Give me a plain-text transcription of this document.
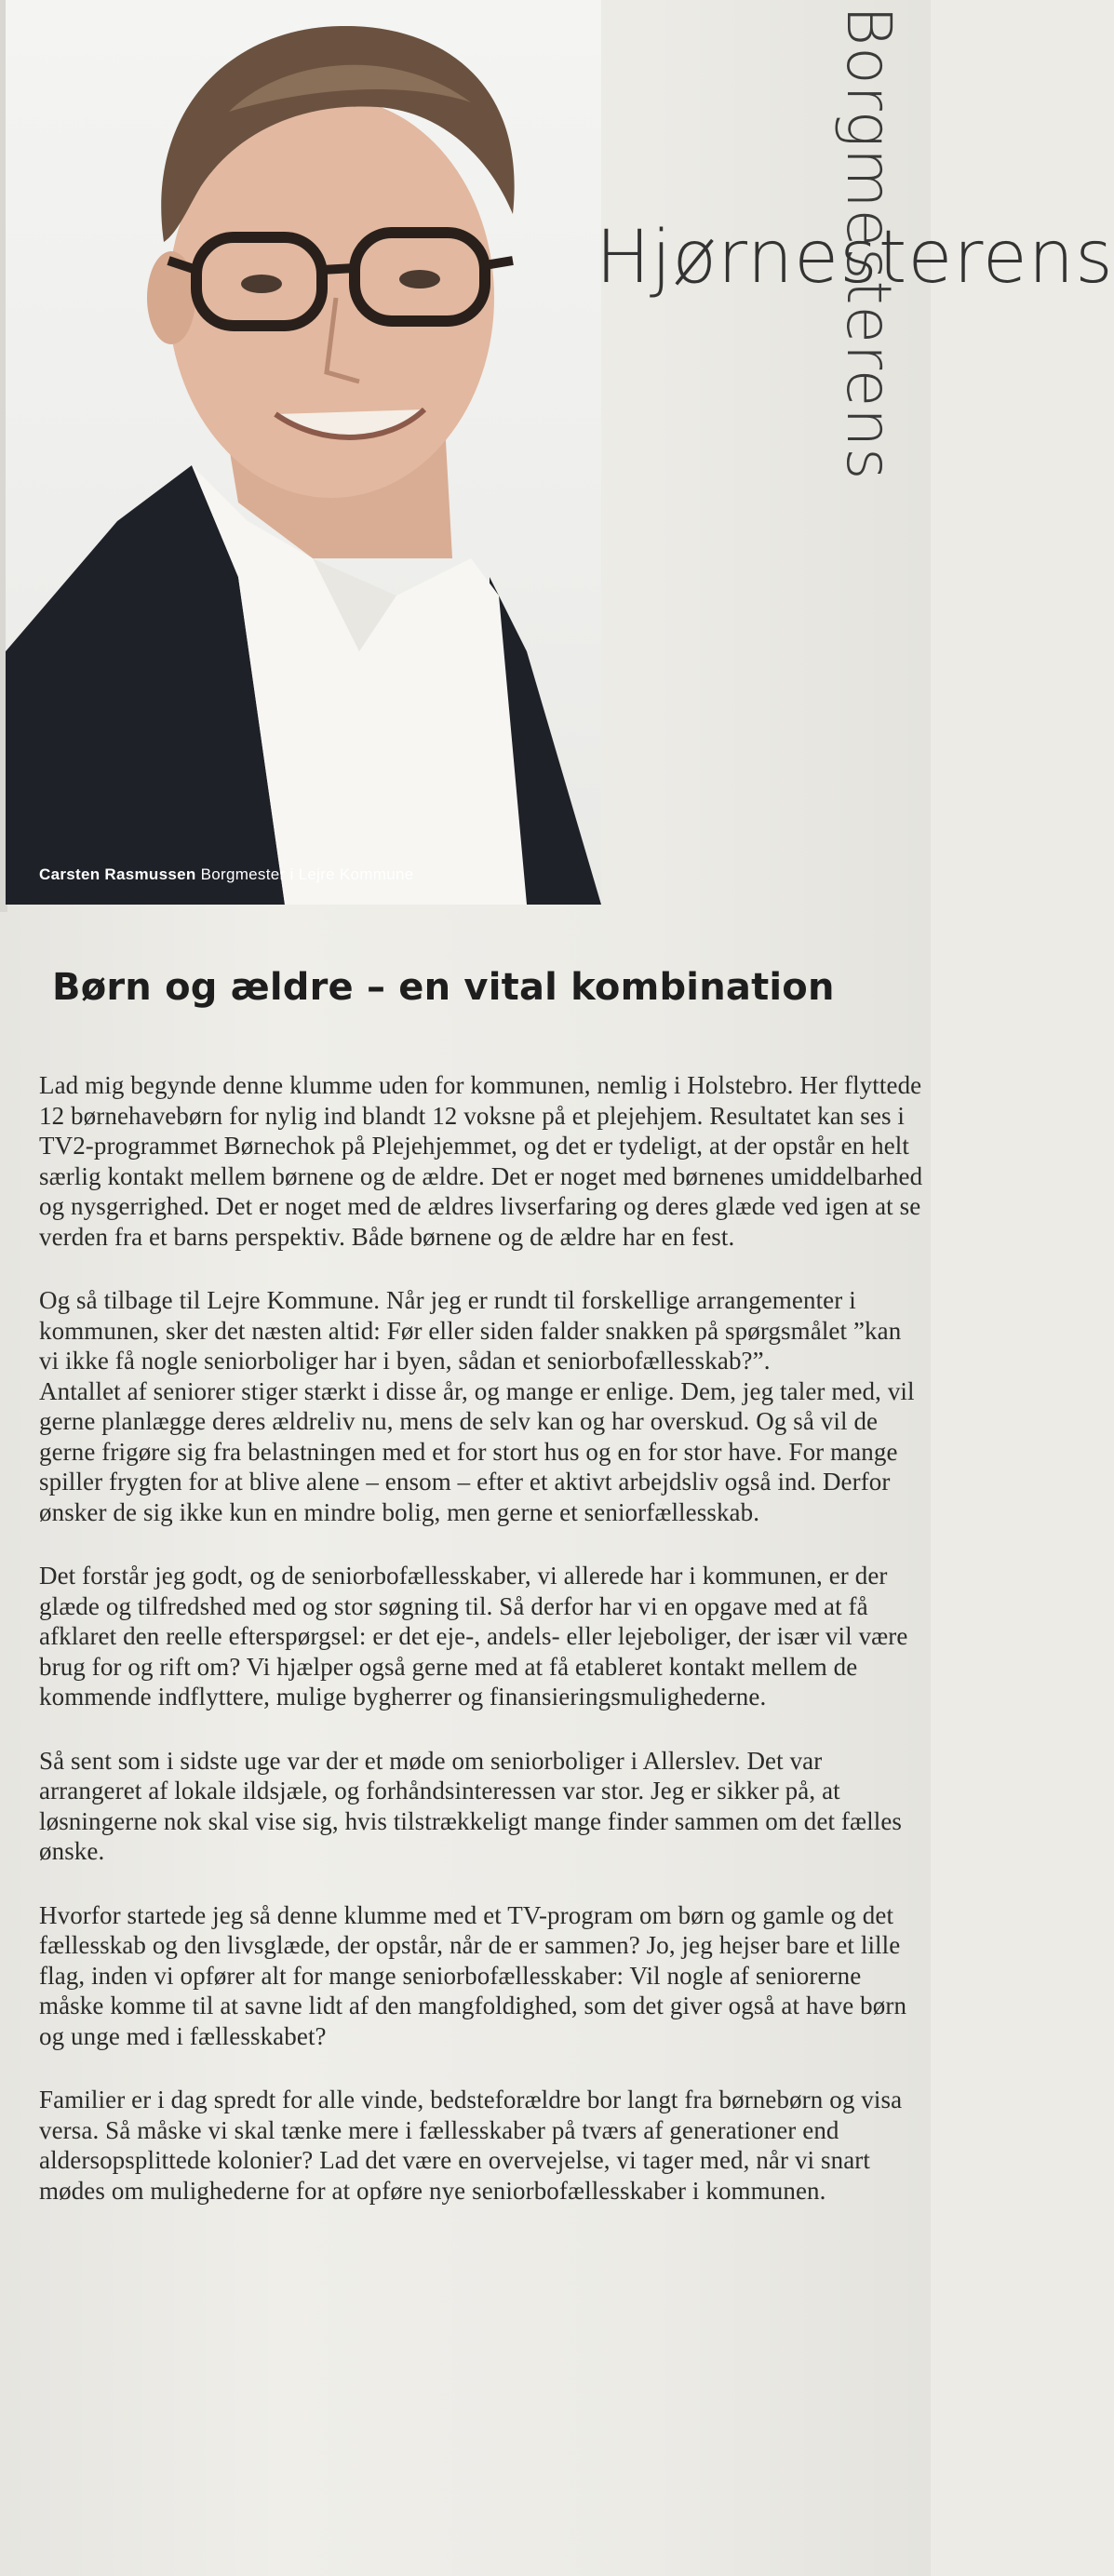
Carsten Rasmussen Borgmester i Lejre Kommune
Borgmesterens
Hjørnesterens
Børn og ældre – en vital kombination

Lad mig begynde denne klumme uden for kommunen, nemlig i Holstebro. Her flyttede 12 børnehavebørn for nylig ind blandt 12 voksne på et plejehjem. Resultatet kan ses i TV2-programmet Børnechok på Plejehjemmet, og det er tydeligt, at der opstår en helt særlig kontakt mellem børnene og de ældre. Det er noget med børnenes umiddelbarhed og nysgerrighed. Det er noget med de ældres livserfaring og deres glæde ved igen at se verden fra et barns perspektiv. Både børnene og de ældre har en fest.

Og så tilbage til Lejre Kommune. Når jeg er rundt til forskellige arrangementer i kommunen, sker det næsten altid: Før eller siden falder snakken på spørgsmålet ”kan vi ikke få nogle seniorboliger har i byen, sådan et seniorbofællesskab?”.

Antallet af seniorer stiger stærkt i disse år, og mange er enlige. Dem, jeg taler med, vil gerne planlægge deres ældreliv nu, mens de selv kan og har overskud. Og så vil de gerne frigøre sig fra belastningen med et for stort hus og en for stor have. For mange spiller frygten for at blive alene – ensom – efter et aktivt arbejdsliv også ind. Derfor ønsker de sig ikke kun en mindre bolig, men gerne et seniorfællesskab.

Det forstår jeg godt, og de seniorbofællesskaber, vi allerede har i kommunen, er der glæde og tilfredshed med og stor søgning til. Så derfor har vi en opgave med at få afklaret den reelle efterspørgsel: er det eje-, andels- eller lejeboliger, der især vil være brug for og rift om? Vi hjælper også gerne med at få etableret kontakt mellem de kommende indflyttere, mulige bygherrer og finansieringsmulighederne.

Så sent som i sidste uge var der et møde om seniorboliger i Allerslev. Det var arrangeret af lokale ildsjæle, og forhåndsinteressen var stor. Jeg er sikker på, at løsningerne nok skal vise sig, hvis tilstrækkeligt mange finder sammen om det fælles ønske.

Hvorfor startede jeg så denne klumme med et TV-program om børn og gamle og det fællesskab og den livsglæde, der opstår, når de er sammen? Jo, jeg hejser bare et lille flag, inden vi opfører alt for mange seniorbofællesskaber: Vil nogle af seniorerne måske komme til at savne lidt af den mangfoldighed, som det giver også at have børn og unge med i fællesskabet?

Familier er i dag spredt for alle vinde, bedsteforældre bor langt fra børnebørn og visa versa. Så måske vi skal tænke mere i fællesskaber på tværs af generationer end aldersopsplittede kolonier? Lad det være en overvejelse, vi tager med, når vi snart mødes om mulighederne for at opføre nye seniorbofællesskaber i kommunen.
